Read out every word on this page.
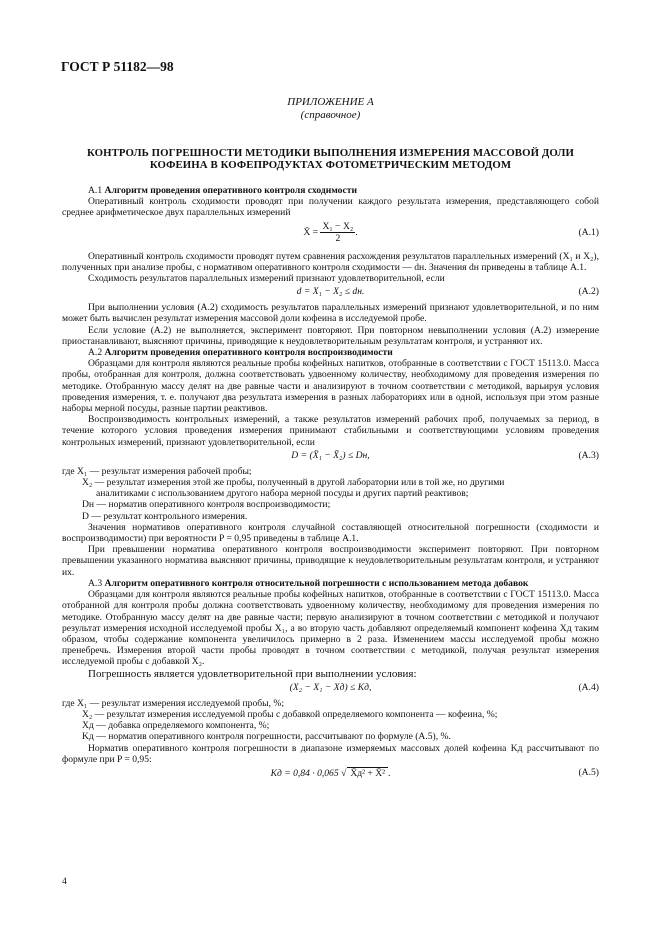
ГОСТ Р 51182—98
ПРИЛОЖЕНИЕ А
(справочное)
КОНТРОЛЬ ПОГРЕШНОСТИ МЕТОДИКИ ВЫПОЛНЕНИЯ ИЗМЕРЕНИЯ МАССОВОЙ ДОЛИ
КОФЕИНА В КОФЕПРОДУКТАХ ФОТОМЕТРИЧЕСКИМ МЕТОДОМ

А.1 Алгоритм проведения оперативного контроля сходимости

Оперативный контроль сходимости проводят при получении каждого результата измерения, представляющего собой среднее арифметическое двух параллельных измерений

X̄ = $\frac{\text{X₁ − X₂}}{2}$ .	(А.1)

Оперативный контроль сходимости проводят путем сравнения расхождения результатов параллельных измерений (X₁ и X₂), полученных при анализе пробы, с нормативом оперативного контроля сходимости — dн. Значения dн приведены в таблице А.1.

Сходимость результатов параллельных измерений признают удовлетворительной, если

d = X₁ − X₂ ≤ dн.	(А.2)

При выполнении условия (А.2) сходимость результатов параллельных измерений признают удовлетворительной, и по ним может быть вычислен результат измерения массовой доли кофеина в исследуемой пробе.

Если условие (А.2) не выполняется, эксперимент повторяют. При повторном невыполнении условия (А.2) измерение приостанавливают, выясняют причины, приводящие к неудовлетворительным результатам контроля, и устраняют их.

А.2 Алгоритм проведения оперативного контроля воспроизводимости

Образцами для контроля являются реальные пробы кофейных напитков, отобранные в соответствии с ГОСТ 15113.0. Масса пробы, отобранная для контроля, должна соответствовать удвоенному количеству, необходимому для проведения измерения по методике. Отобранную массу делят на две равные части и анализируют в точном соответствии с методикой, варьируя условия проведения измерения, т. е. получают два результата измерения в разных лабораториях или в одной, используя при этом разные наборы мерной посуды, разные партии реактивов.

Воспроизводимость контрольных измерений, а также результатов измерений рабочих проб, получаемых за период, в течение которого условия проведения измерения принимают стабильными и соответствующими условиям проведения контрольных измерений, признают удовлетворительной, если

D = (X̄₁ − X̄₂) ≤ Dн,	(А.3)

где X₁ — результат измерения рабочей пробы;

X₂ — результат измерения этой же пробы, полученный в другой лаборатории или в той же, но другими

аналитиками с использованием другого набора мерной посуды и других партий реактивов;

Dн — норматив оперативного контроля воспроизводимости;

D — результат контрольного измерения.

Значения нормативов оперативного контроля случайной составляющей относительной погрешности (сходимости и воспроизводимости) при вероятности P = 0,95 приведены в таблице А.1.

При превышении норматива оперативного контроля воспроизводимости эксперимент повторяют. При повторном превышении указанного норматива выясняют причины, приводящие к неудовлетворительным результатам контроля, и устраняют их.

А.3 Алгоритм оперативного контроля относительной погрешности с использованием метода добавок

Образцами для контроля являются реальные пробы кофейных напитков, отобранные в соответствии с ГОСТ 15113.0. Масса отобранной для контроля пробы должна соответствовать удвоенному количеству, необходимому для проведения измерения по методике. Отобранную массу делят на две равные части; первую анализируют в точном соответствии с методикой и получают результат измерения исходной исследуемой пробы X₁, а во вторую часть добавляют определяемый компонент кофеина Xд таким образом, чтобы содержание компонента увеличилось примерно в 2 раза. Изменением массы исследуемой пробы можно пренебречь. Измерения второй части пробы проводят в точном соответствии с методикой, получая результат измерения исследуемой пробы с добавкой X₂.

Погрешность является удовлетворительной при выполнении условия:

(X₂ − X₁ − Xд) ≤ Kд,	(А.4)

где X₁ — результат измерения исследуемой пробы, %;

X₂ — результат измерения исследуемой пробы с добавкой определяемого компонента — кофеина, %;

Xд — добавка определяемого компонента, %;

Kд — норматив оперативного контроля погрешности, рассчитывают по формуле (А.5), %.

Норматив оперативного контроля погрешности в диапазоне измеряемых массовых долей кофеина Kд рассчитывают по формуле при P = 0,95:

Kд = 0,84 · 0,065 √ X̄д² + X̄² .	(А.5)
4
